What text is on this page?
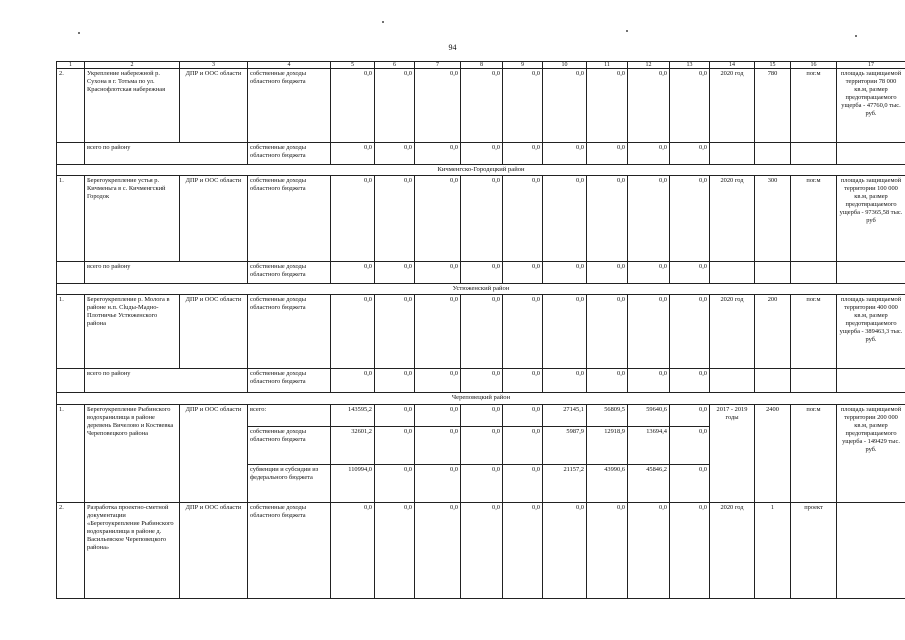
94
1	2	3	4	5	6	7	8	9	10	11	12	13	14	15	16	17
2.	Укрепление набережной р. Сухона в г. Тотьма по ул. Краснофлотская набережная	ДПР и ООС области	собственные доходы областного бюджета	0,0	0,0	0,0	0,0	0,0	0,0	0,0	0,0	0,0	2020 год	780	пог.м	площадь защищаемой территории 78 000 кв.м, размер предотвращаемого ущерба - 47760,0 тыс. руб.
	всего по району		собственные доходы областного бюджета	0,0	0,0	0,0	0,0	0,0	0,0	0,0	0,0	0,0				
Кичменгско-Городецкий район																
1.	Берегоукрепление устья р. Кичменьга в с. Кичменгский Городок	ДПР и ООС области	собственные доходы областного бюджета	0,0	0,0	0,0	0,0	0,0	0,0	0,0	0,0	0,0	2020 год	300	пог.м	площадь защищаемой территории 100 000 кв.м, размер предотвращаемого ущерба - 97365,58 тыс. руб
	всего по району		собственные доходы областного бюджета	0,0	0,0	0,0	0,0	0,0	0,0	0,0	0,0	0,0				
Устюженский район																
1.	Берегоукрепление р. Молога в районе н.п. Сluды-Мадно-Плотничье Устюженского района	ДПР и ООС области	собственные доходы областного бюджета	0,0	0,0	0,0	0,0	0,0	0,0	0,0	0,0	0,0	2020 год	200	пог.м	площадь защищаемой территории 400 000 кв.м, размер предотвращаемого ущерба - 389463,3 тыс. руб.
	всего по району		собственные доходы областного бюджета	0,0	0,0	0,0	0,0	0,0	0,0	0,0	0,0	0,0				
Череповецкий район																
1.	Берегоукрепление Рыбинского водохранилища в районе деревень Вичелово и Костяевка Череповецкого района	ДПР и ООС области	всего:	143595,2	0,0	0,0	0,0	0,0	27145,1	56809,5	59640,6	0,0	2017 - 2019 годы	2400	пог.м	площадь защищаемой территории 200 000 кв.м, размер предотвращаемого ущерба - 149429 тыс. руб.
			собственные доходы областного бюджета	32601,2	0,0	0,0	0,0	0,0	5987,9	12918,9	13694,4	0,0				
			субвенции и субсидии из федерального бюджета	110994,0	0,0	0,0	0,0	0,0	21157,2	43990,6	45846,2	0,0				
2.	Разработка проектно-сметной документации «Берегоукрепление Рыбинского водохранилища в районе д. Васильевское Череповецкого района»	ДПР и ООС области	собственные доходы областного бюджета	0,0	0,0	0,0	0,0	0,0	0,0	0,0	0,0	0,0	2020 год	1	проект	
